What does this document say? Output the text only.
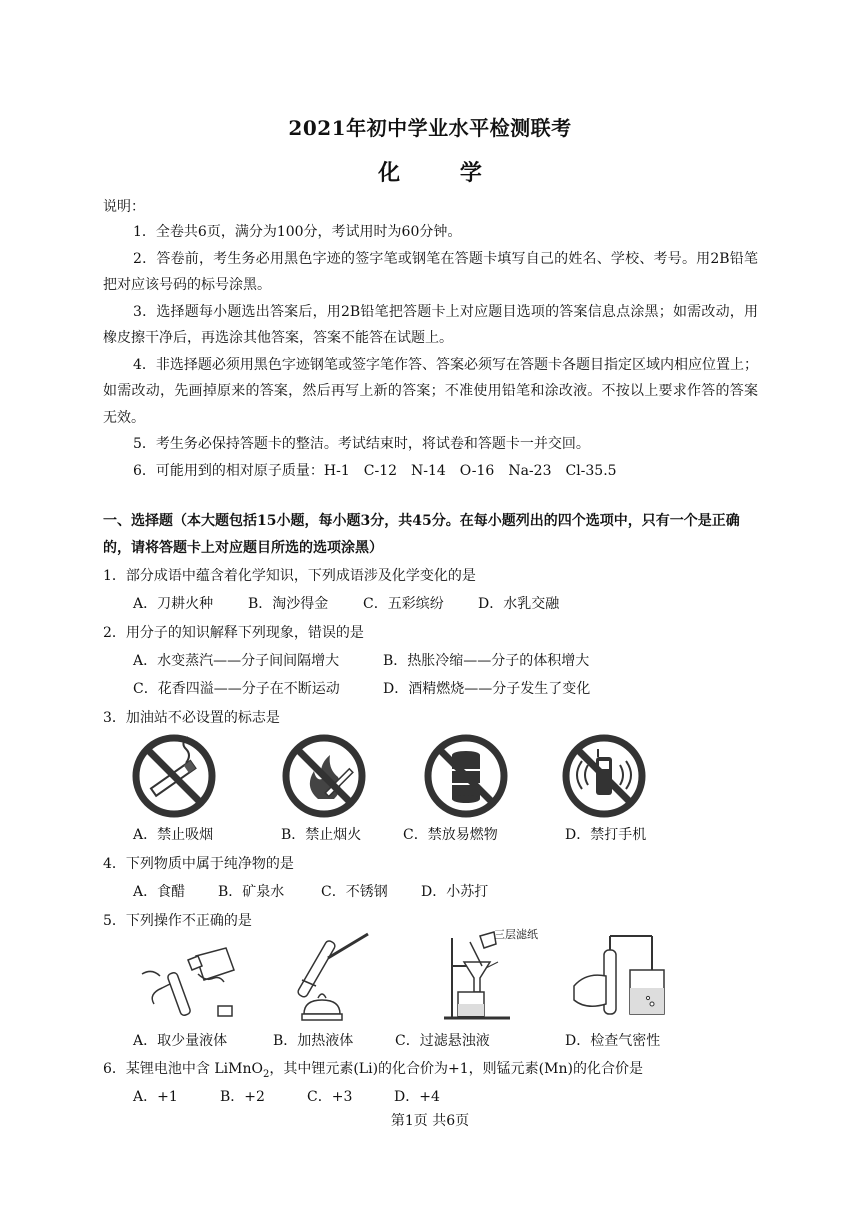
2021年初中学业水平检测联考
化 学
说明：

1．全卷共6页，满分为100分，考试用时为60分钟。

2．答卷前，考生务必用黑色字迹的签字笔或钢笔在答题卡填写自己的姓名、学校、考号。用2B铅笔把对应该号码的标号涂黑。

3．选择题每小题选出答案后，用2B铅笔把答题卡上对应题目选项的答案信息点涂黑；如需改动，用橡皮擦干净后，再选涂其他答案，答案不能答在试题上。

4．非选择题必须用黑色字迹钢笔或签字笔作答、答案必须写在答题卡各题目指定区域内相应位置上；如需改动，先画掉原来的答案，然后再写上新的答案；不准使用铅笔和涂改液。不按以上要求作答的答案无效。

5．考生务必保持答题卡的整洁。考试结束时，将试卷和答题卡一并交回。

6．可能用到的相对原子质量：H-1　C-12　N-14　O-16　Na-23　Cl-35.5

一、选择题（本大题包括15小题，每小题3分，共45分。在每小题列出的四个选项中，只有一个是正确的，请将答题卡上对应题目所选的选项涂黑）
1．部分成语中蕴含着化学知识，下列成语涉及化学变化的是
A．刀耕火种 B．淘沙得金 C．五彩缤纷 D．水乳交融
2．用分子的知识解释下列现象，错误的是
A．水变蒸汽——分子间间隔增大	B．热胀冷缩——分子的体积增大
C．花香四溢——分子在不断运动	D．酒精燃烧——分子发生了变化
3．加油站不必设置的标志是
A．禁止吸烟	B．禁止烟火	C．禁放易燃物	D．禁打手机
4．下列物质中属于纯净物的是
A．食醋 B．矿泉水	C．不锈钢 D．小苏打
5．下列操作不正确的是
三层滤纸
A．取少量液体	B．加热液体	C．过滤悬浊液	D．检查气密性
6．某锂电池中含 LiMnO$_2$，其中锂元素(Li)的化合价为+1，则锰元素(Mn)的化合价是
A．+1	B．+2	C．+3	D．+4
第1页 共6页
